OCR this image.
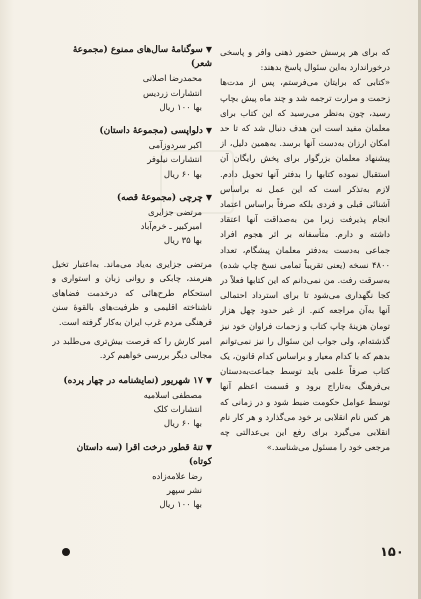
که برای هر پرسش حضور ذهنی وافر و پاسخی درخوراندارد به‌این سئوال پاسخ بدهند:

«کتابی که برایتان می‌فرستم، پس از مدت‌ها زحمت و مرارت ترجمه شد و چند ماه پیش بچاپ رسید، چون به‌نظر می‌رسید که این کتاب برای معلمان مفید است این هدف دنبال شد که تا حد امکان ارزان به‌دست آنها برسد. به‌همین دلیل، از پیشنهاد معلمان بزرگوار برای پخش رایگان آن استقبال نموده کتابها را بدفتر آنها تحویل دادم. لازم به‌تذکر است که این عمل نه براساس آشنائی قبلی و فردی بلکه صرفاً براساس اعتماد انجام پذیرفت زیرا من به‌صداقت آنها اعتقاد داشته و دارم. متأسفانه بر اثر هجوم افراد جماعی به‌دست به‌دفتر معلمان پیشگام، تعداد ۴۸۰۰ نسخه (یعنی تقریباً تمامی نسخ چاپ شده) به‌سرقت رفت. من نمی‌دانم که این کتابها فعلاً در کجا نگهداری می‌شود تا برای استرداد احتمالی آنها به‌آن مراجعه کنم. از غیر حدود چهل هزار تومان هزینهٔ چاپ کتاب و زحمات فراوان خود نیز گذشته‌ام، ولی جواب این سئوال را نیز نمی‌توانم بدهم که با کدام معیار و براساس کدام قانون، یک کتاب صرفاً علمی باید توسط جماعت‌به‌دستان بی‌فرهنگ به‌تاراج برود و قسمت اعظم آنها توسط عوامل حکومت ضبط شود و در زمانی که هر کس نام انقلابی بر خود می‌گذارد و هر کار نام انقلابی می‌گیرد برای رفع این بی‌عدالتی چه مرجعی خود را مسئول می‌شناسد.»

▼سوگنامهٔ سال‌های ممنوع (مجموعهٔ شعر)
محمدرضا اصلانی
انتشارات زردیس
بها ۱۰۰ ریال
▼دلواپسی (مجموعهٔ داستان)
اکبر سردوزآمی
انتشارات نیلوفر
بها ۶۰ ریال
▼چرچی (مجموعهٔ قصه)
مرتضی جزایری
امیرکبیر ـ خرم‌آباد
بها ۳۵ ریال

مرتضی جزایری به‌یاد می‌ماند. به‌اعتبار تخیل هنرمند، چابکی و روانی زبان و استواری و استحکام طرح‌هائی که درخدمت فضاهای ناشناخته اقلیمی و ظرفیت‌های بالقوهٔ سنن فرهنگی مردم غرب ایران به‌کار گرفته است.

امیر کارش را که فرصت بیش‌تری می‌طلبد در مجالی دیگر بررسی خواهیم کرد.

▼۱۷ شهریور (نمایشنامه در چهار پرده)
مصطفی اسلامیه
انتشارات کلک
بها ۶۰ ریال
▼تنهٔ قطور درخت اقرا (سه داستان کوتاه)
رضا علامه‌زاده
نشر سپهر
بها ۱۰۰ ریال
۱۵۰
